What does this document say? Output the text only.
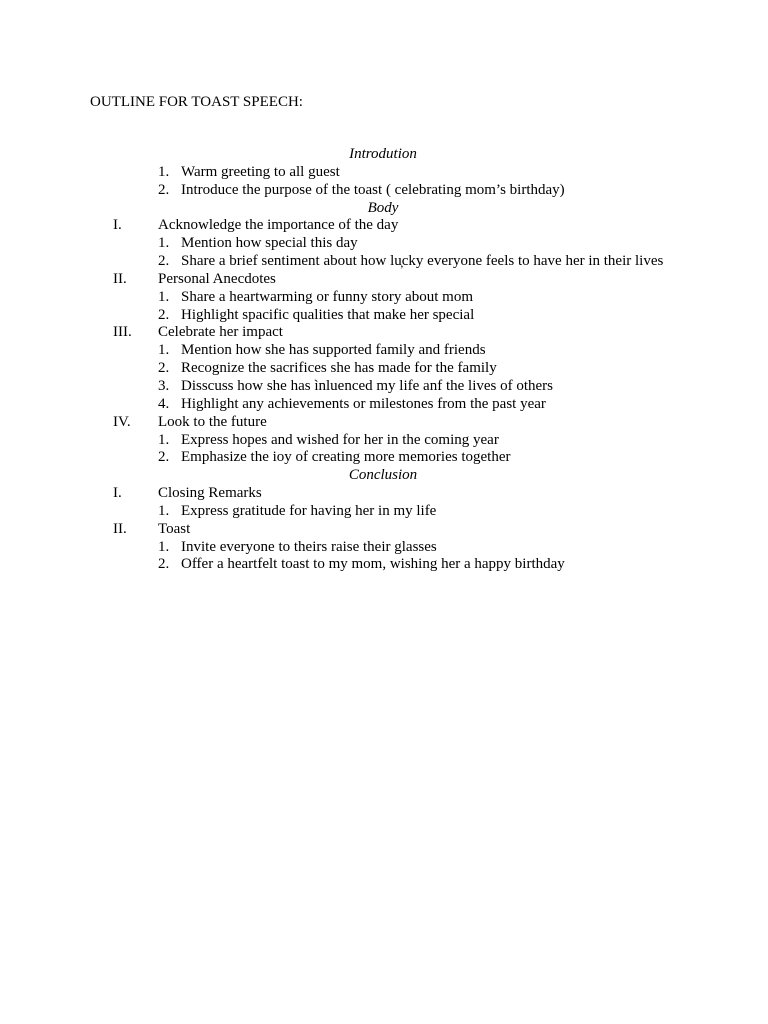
OUTLINE FOR TOAST SPEECH:
Introdution
1. Warm greeting to all guest
2. Introduce the purpose of the toast ( celebrating mom’s birthday)
Body
I. Acknowledge the importance of the day
1. Mention how special this day
2. Share a brief sentiment about how lu̦cky everyone feels to have her in their lives
II. Personal Anecdotes
1. Share a heartwarming or funny story about mom
2. Highlight spacific qualities that make her special
III. Celebrate her impact
1. Mention how she has supported family and friends
2. Recognize the sacrifices she has made for the family
3. Disscuss how she has ìnluenced my life anf the lives of others
4. Highlight any achievements or milestones from the past year
IV. Look to the future
1. Express hopes and wished for her in the coming year
2. Emphasize the ioy of creating more memories together
Conclusion
I. Closing Remarks
1. Express gratitude for having her in my life
II. Toast
1. Invite everyone to theirs raise their glasses
2. Offer a heartfelt toast to my mom, wishing her a happy birthday
